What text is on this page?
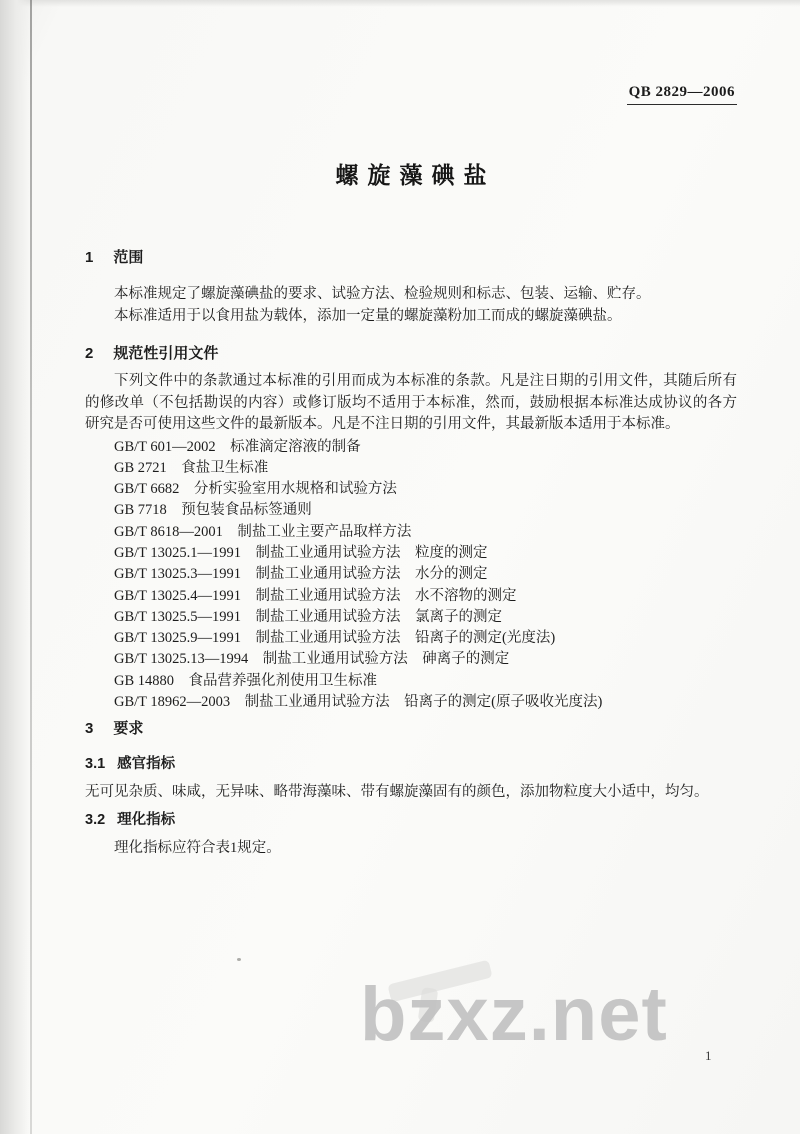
bzxz.net
QB 2829—2006
螺旋藻碘盐
1 范围
本标准规定了螺旋藻碘盐的要求、试验方法、检验规则和标志、包装、运输、贮存。
本标准适用于以食用盐为载体，添加一定量的螺旋藻粉加工而成的螺旋藻碘盐。
2 规范性引用文件
下列文件中的条款通过本标准的引用而成为本标准的条款。凡是注日期的引用文件，其随后所有的修改单（不包括勘误的内容）或修订版均不适用于本标准，然而，鼓励根据本标准达成协议的各方研究是否可使用这些文件的最新版本。凡是不注日期的引用文件，其最新版本适用于本标准。
GB/T 601—2002　标准滴定溶液的制备
GB 2721　食盐卫生标准
GB/T 6682　分析实验室用水规格和试验方法
GB 7718　预包装食品标签通则
GB/T 8618—2001　制盐工业主要产品取样方法
GB/T 13025.1—1991　制盐工业通用试验方法　粒度的测定
GB/T 13025.3—1991　制盐工业通用试验方法　水分的测定
GB/T 13025.4—1991　制盐工业通用试验方法　水不溶物的测定
GB/T 13025.5—1991　制盐工业通用试验方法　氯离子的测定
GB/T 13025.9—1991　制盐工业通用试验方法　铅离子的测定(光度法)
GB/T 13025.13—1994　制盐工业通用试验方法　砷离子的测定
GB 14880　食品营养强化剂使用卫生标准
GB/T 18962—2003　制盐工业通用试验方法　铅离子的测定(原子吸收光度法)
3 要求
3.1 感官指标
无可见杂质、味咸，无异味、略带海藻味、带有螺旋藻固有的颜色，添加物粒度大小适中，均匀。
3.2 理化指标
理化指标应符合表1规定。
1
